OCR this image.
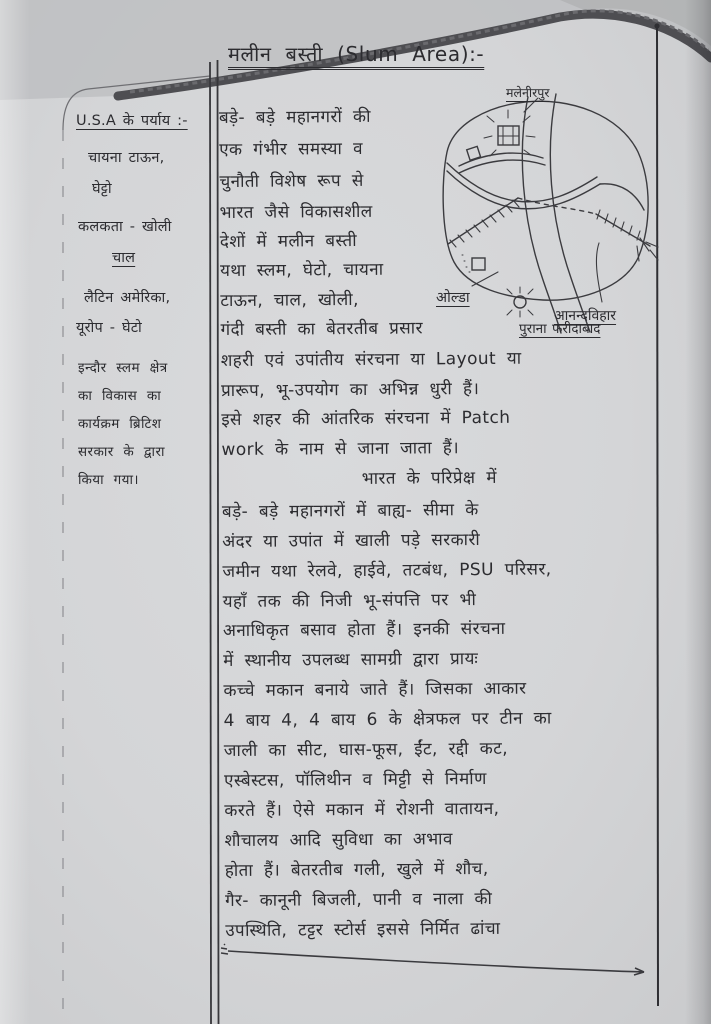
मलीन बस्ती (Slum Area):-
U.S.A के पर्याय :-
चायना टाऊन,
घेट्टो
कलकता - खोली
चाल
लैटिन अमेरिका,
यूरोप - घेटो
इन्दौर स्लम क्षेत्र
का विकास का
कार्यक्रम ब्रिटिश
सरकार के द्वारा
किया गया।
बड़े- बड़े महानगरों की
एक गंभीर समस्या व
चुनौती विशेष रूप से
भारत जैसे विकासशील
देशों में मलीन बस्ती
यथा स्लम, घेटो, चायना
टाऊन, चाल, खोली,
गंदी बस्ती का बेतरतीब प्रसार
शहरी एवं उपांतीय संरचना या Layout या
प्रारूप, भू-उपयोग का अभिन्न धुरी हैं।
इसे शहर की आंतरिक संरचना में Patch
work के नाम से जाना जाता हैं।
भारत के परिप्रेक्ष में
बड़े- बड़े महानगरों में बाह्य- सीमा के
अंदर या उपांत में खाली पड़े सरकारी
जमीन यथा रेलवे, हाईवे, तटबंध, PSU परिसर,
यहाँ तक की निजी भू-संपत्ति पर भी
अनाधिकृत बसाव होता हैं। इनकी संरचना
में स्थानीय उपलब्ध सामग्री द्वारा प्रायः
कच्चे मकान बनाये जाते हैं। जिसका आकार
4 बाय 4, 4 बाय 6 के क्षेत्रफल पर टीन का
जाली का सीट, घास-फूस, ईंट, रद्दी कट,
एस्बेस्टस, पॉलिथीन व मिट्टी से निर्माण
करते हैं। ऐसे मकान में रोशनी वातायन,
शौचालय आदि सुविधा का अभाव
होता हैं। बेतरतीब गली, खुले में शौच,
गैर- कानूनी बिजली, पानी व नाला की
उपस्थिति, टट्टर स्टोर्स इससे निर्मित ढांचा
मलेनीरपुर
आनन्दविहार
ओल्डा
पुराना फरीदाबाद
